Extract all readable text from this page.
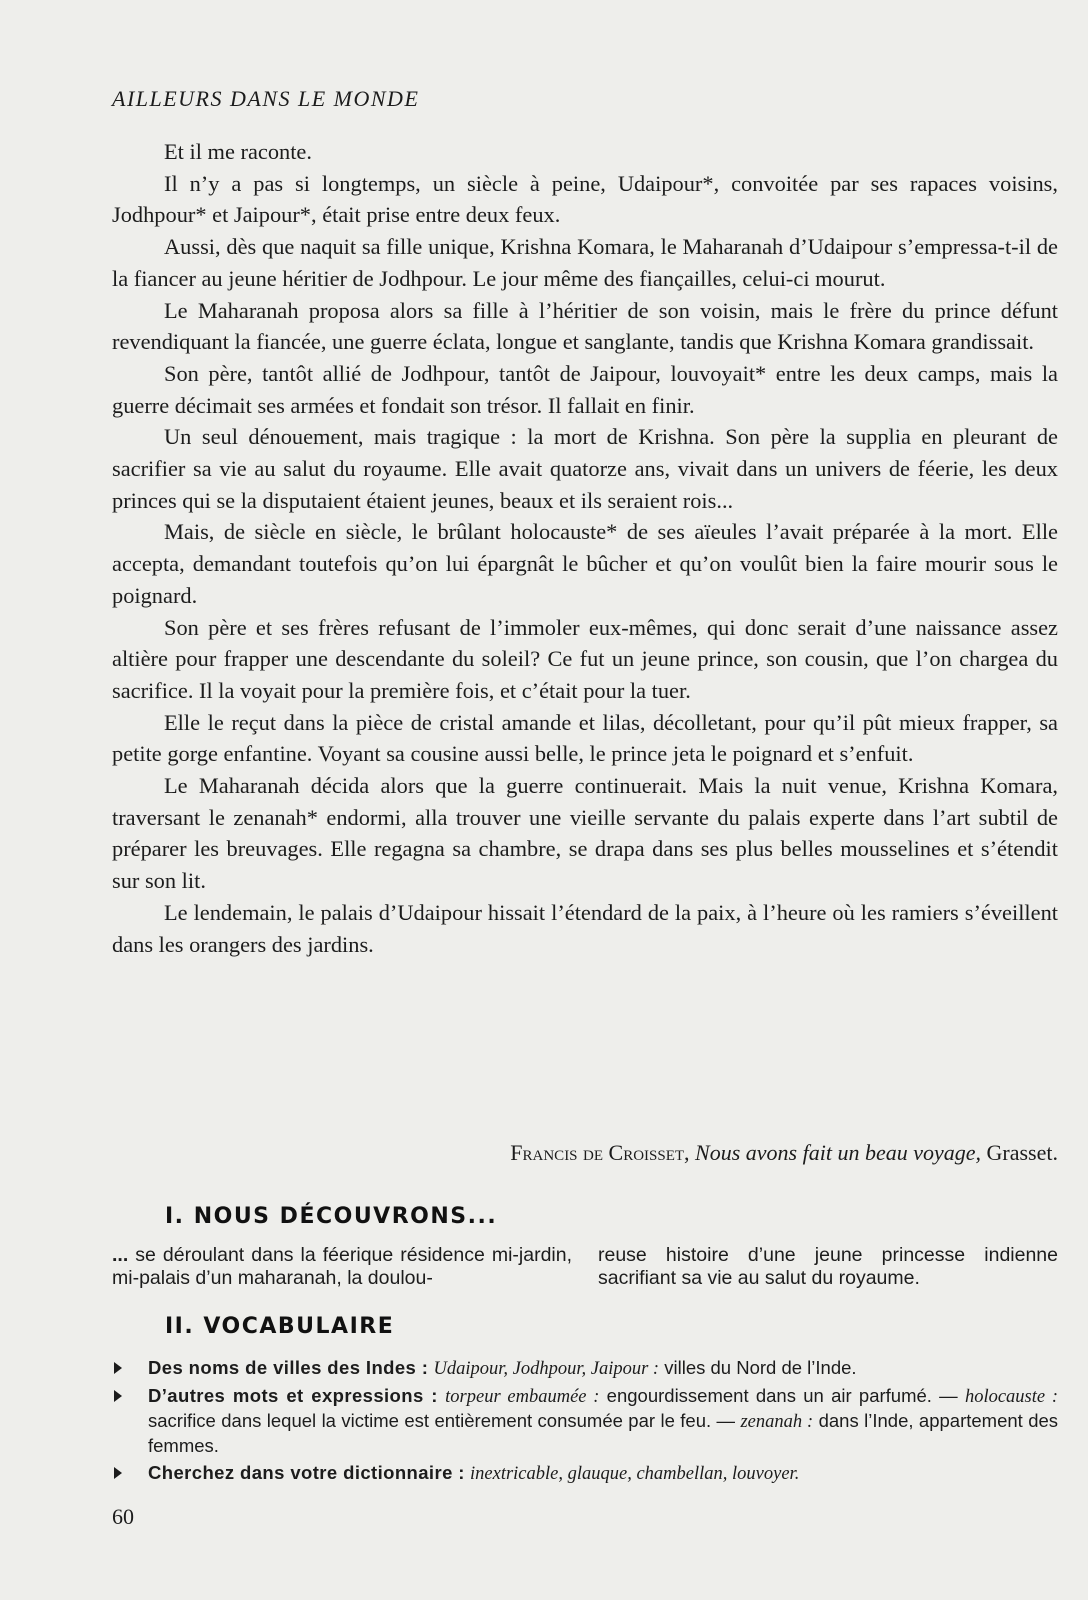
AILLEURS DANS LE MONDE

Et il me raconte.

Il n’y a pas si longtemps, un siècle à peine, Udaipour*, convoitée par ses rapaces voisins, Jodhpour* et Jaipour*, était prise entre deux feux.

Aussi, dès que naquit sa fille unique, Krishna Komara, le Maharanah d’Udaipour s’empressa-t-il de la fiancer au jeune héritier de Jodhpour. Le jour même des fiançailles, celui-ci mourut.

Le Maharanah proposa alors sa fille à l’héritier de son voisin, mais le frère du prince défunt revendiquant la fiancée, une guerre éclata, longue et sanglante, tandis que Krishna Komara grandissait.

Son père, tantôt allié de Jodhpour, tantôt de Jaipour, louvoyait* entre les deux camps, mais la guerre décimait ses armées et fondait son trésor. Il fallait en finir.

Un seul dénouement, mais tragique : la mort de Krishna. Son père la supplia en pleurant de sacrifier sa vie au salut du royaume. Elle avait quatorze ans, vivait dans un univers de féerie, les deux princes qui se la disputaient étaient jeunes, beaux et ils seraient rois...

Mais, de siècle en siècle, le brûlant holocauste* de ses aïeules l’avait préparée à la mort. Elle accepta, demandant toutefois qu’on lui épargnât le bûcher et qu’on voulût bien la faire mourir sous le poignard.

Son père et ses frères refusant de l’immoler eux-mêmes, qui donc serait d’une naissance assez altière pour frapper une descendante du soleil? Ce fut un jeune prince, son cousin, que l’on chargea du sacrifice. Il la voyait pour la première fois, et c’était pour la tuer.

Elle le reçut dans la pièce de cristal amande et lilas, décolletant, pour qu’il pût mieux frapper, sa petite gorge enfantine. Voyant sa cousine aussi belle, le prince jeta le poignard et s’enfuit.

Le Maharanah décida alors que la guerre continuerait. Mais la nuit venue, Krishna Komara, traversant le zenanah* endormi, alla trouver une vieille servante du palais experte dans l’art subtil de préparer les breuvages. Elle regagna sa chambre, se drapa dans ses plus belles mousselines et s’étendit sur son lit.

Le lendemain, le palais d’Udaipour hissait l’étendard de la paix, à l’heure où les ramiers s’éveillent dans les orangers des jardins.

Francis de Croisset, Nous avons fait un beau voyage, Grasset.
I. NOUS DÉCOUVRONS...
... se déroulant dans la féerique résidence mi-jardin, mi-palais d’un maharanah, la doulou-
reuse histoire d’une jeune princesse indienne sacrifiant sa vie au salut du royaume.
II. VOCABULAIRE
Des noms de villes des Indes : Udaipour, Jodhpour, Jaipour : villes du Nord de l’Inde.
D’autres mots et expressions : torpeur embaumée : engourdissement dans un air parfumé. — holocauste : sacrifice dans lequel la victime est entièrement consumée par le feu. — zenanah : dans l’Inde, appartement des femmes.
Cherchez dans votre dictionnaire : inextricable, glauque, chambellan, louvoyer.
60
